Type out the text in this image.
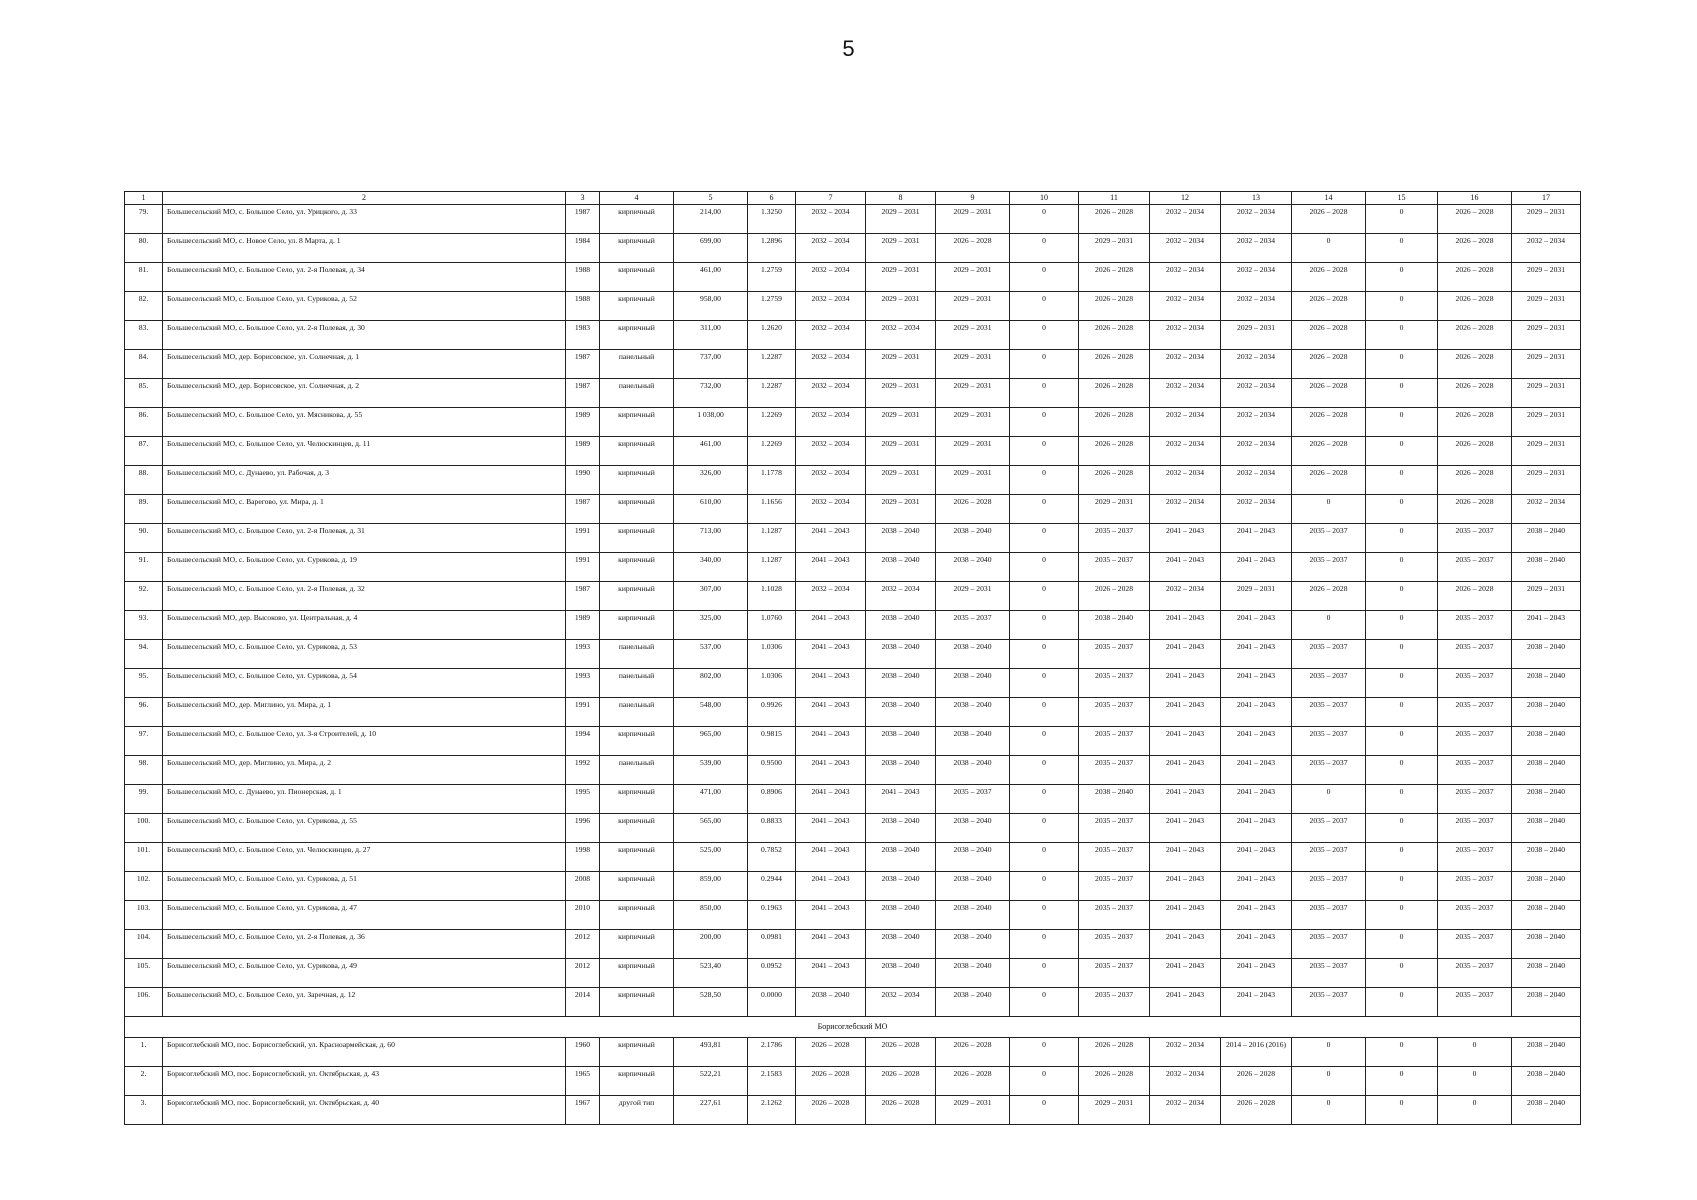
5
1	2	3	4	5	6	7	8	9	10	11	12	13	14	15	16	17
79.	Большесельский МО, с. Большое Село, ул. Урицкого, д. 33	1987	кирпичный	214,00	1.3250	2032 – 2034	2029 – 2031	2029 – 2031	0	2026 – 2028	2032 – 2034	2032 – 2034	2026 – 2028	0	2026 – 2028	2029 – 2031
80.	Большесельский МО, с. Новое Село, ул. 8 Марта, д. 1	1984	кирпичный	699,00	1.2896	2032 – 2034	2029 – 2031	2026 – 2028	0	2029 – 2031	2032 – 2034	2032 – 2034	0	0	2026 – 2028	2032 – 2034
81.	Большесельский МО, с. Большое Село, ул. 2-я Полевая, д. 34	1988	кирпичный	461,00	1.2759	2032 – 2034	2029 – 2031	2029 – 2031	0	2026 – 2028	2032 – 2034	2032 – 2034	2026 – 2028	0	2026 – 2028	2029 – 2031
82.	Большесельский МО, с. Большое Село, ул. Сурикова, д. 52	1988	кирпичный	958,00	1.2759	2032 – 2034	2029 – 2031	2029 – 2031	0	2026 – 2028	2032 – 2034	2032 – 2034	2026 – 2028	0	2026 – 2028	2029 – 2031
83.	Большесельский МО, с. Большое Село, ул. 2-я Полевая, д. 30	1983	кирпичный	311,00	1.2620	2032 – 2034	2032 – 2034	2029 – 2031	0	2026 – 2028	2032 – 2034	2029 – 2031	2026 – 2028	0	2026 – 2028	2029 – 2031
84.	Большесельский МО, дер. Борисовское, ул. Солнечная, д. 1	1987	панельный	737,00	1.2287	2032 – 2034	2029 – 2031	2029 – 2031	0	2026 – 2028	2032 – 2034	2032 – 2034	2026 – 2028	0	2026 – 2028	2029 – 2031
85.	Большесельский МО, дер. Борисовское, ул. Солнечная, д. 2	1987	панельный	732,00	1.2287	2032 – 2034	2029 – 2031	2029 – 2031	0	2026 – 2028	2032 – 2034	2032 – 2034	2026 – 2028	0	2026 – 2028	2029 – 2031
86.	Большесельский МО, с. Большое Село, ул. Мясникова, д. 55	1989	кирпичный	1 038,00	1.2269	2032 – 2034	2029 – 2031	2029 – 2031	0	2026 – 2028	2032 – 2034	2032 – 2034	2026 – 2028	0	2026 – 2028	2029 – 2031
87.	Большесельский МО, с. Большое Село, ул. Челюскинцев, д. 11	1989	кирпичный	461,00	1.2269	2032 – 2034	2029 – 2031	2029 – 2031	0	2026 – 2028	2032 – 2034	2032 – 2034	2026 – 2028	0	2026 – 2028	2029 – 2031
88.	Большесельский МО, с. Дунаево, ул. Рабочая, д. 3	1990	кирпичный	326,00	1.1778	2032 – 2034	2029 – 2031	2029 – 2031	0	2026 – 2028	2032 – 2034	2032 – 2034	2026 – 2028	0	2026 – 2028	2029 – 2031
89.	Большесельский МО, с. Варегово, ул. Мира, д. 1	1987	кирпичный	610,00	1.1656	2032 – 2034	2029 – 2031	2026 – 2028	0	2029 – 2031	2032 – 2034	2032 – 2034	0	0	2026 – 2028	2032 – 2034
90.	Большесельский МО, с. Большое Село, ул. 2-я Полевая, д. 31	1991	кирпичный	713,00	1.1287	2041 – 2043	2038 – 2040	2038 – 2040	0	2035 – 2037	2041 – 2043	2041 – 2043	2035 – 2037	0	2035 – 2037	2038 – 2040
91.	Большесельский МО, с. Большое Село, ул. Сурикова, д. 19	1991	кирпичный	340,00	1.1287	2041 – 2043	2038 – 2040	2038 – 2040	0	2035 – 2037	2041 – 2043	2041 – 2043	2035 – 2037	0	2035 – 2037	2038 – 2040
92.	Большесельский МО, с. Большое Село, ул. 2-я Полевая, д. 32	1987	кирпичный	307,00	1.1028	2032 – 2034	2032 – 2034	2029 – 2031	0	2026 – 2028	2032 – 2034	2029 – 2031	2026 – 2028	0	2026 – 2028	2029 – 2031
93.	Большесельский МО, дер. Высоково, ул. Центральная, д. 4	1989	кирпичный	325,00	1.0760	2041 – 2043	2038 – 2040	2035 – 2037	0	2038 – 2040	2041 – 2043	2041 – 2043	0	0	2035 – 2037	2041 – 2043
94.	Большесельский МО, с. Большое Село, ул. Сурикова, д. 53	1993	панельный	537,00	1.0306	2041 – 2043	2038 – 2040	2038 – 2040	0	2035 – 2037	2041 – 2043	2041 – 2043	2035 – 2037	0	2035 – 2037	2038 – 2040
95.	Большесельский МО, с. Большое Село, ул. Сурикова, д. 54	1993	панельный	802,00	1.0306	2041 – 2043	2038 – 2040	2038 – 2040	0	2035 – 2037	2041 – 2043	2041 – 2043	2035 – 2037	0	2035 – 2037	2038 – 2040
96.	Большесельский МО, дер. Миглино, ул. Мира, д. 1	1991	панельный	548,00	0.9926	2041 – 2043	2038 – 2040	2038 – 2040	0	2035 – 2037	2041 – 2043	2041 – 2043	2035 – 2037	0	2035 – 2037	2038 – 2040
97.	Большесельский МО, с. Большое Село, ул. 3-я Строителей, д. 10	1994	кирпичный	965,00	0.9815	2041 – 2043	2038 – 2040	2038 – 2040	0	2035 – 2037	2041 – 2043	2041 – 2043	2035 – 2037	0	2035 – 2037	2038 – 2040
98.	Большесельский МО, дер. Миглино, ул. Мира, д. 2	1992	панельный	539,00	0.9500	2041 – 2043	2038 – 2040	2038 – 2040	0	2035 – 2037	2041 – 2043	2041 – 2043	2035 – 2037	0	2035 – 2037	2038 – 2040
99.	Большесельский МО, с. Дунаево, ул. Пионерская, д. 1	1995	кирпичный	471,00	0.8906	2041 – 2043	2041 – 2043	2035 – 2037	0	2038 – 2040	2041 – 2043	2041 – 2043	0	0	2035 – 2037	2038 – 2040
100.	Большесельский МО, с. Большое Село, ул. Сурикова, д. 55	1996	кирпичный	565,00	0.8833	2041 – 2043	2038 – 2040	2038 – 2040	0	2035 – 2037	2041 – 2043	2041 – 2043	2035 – 2037	0	2035 – 2037	2038 – 2040
101.	Большесельский МО, с. Большое Село, ул. Челюскинцев, д. 27	1998	кирпичный	525,00	0.7852	2041 – 2043	2038 – 2040	2038 – 2040	0	2035 – 2037	2041 – 2043	2041 – 2043	2035 – 2037	0	2035 – 2037	2038 – 2040
102.	Большесельский МО, с. Большое Село, ул. Сурикова, д. 51	2008	кирпичный	859,00	0.2944	2041 – 2043	2038 – 2040	2038 – 2040	0	2035 – 2037	2041 – 2043	2041 – 2043	2035 – 2037	0	2035 – 2037	2038 – 2040
103.	Большесельский МО, с. Большое Село, ул. Сурикова, д. 47	2010	кирпичный	850,00	0.1963	2041 – 2043	2038 – 2040	2038 – 2040	0	2035 – 2037	2041 – 2043	2041 – 2043	2035 – 2037	0	2035 – 2037	2038 – 2040
104.	Большесельский МО, с. Большое Село, ул. 2-я Полевая, д. 36	2012	кирпичный	200,00	0.0981	2041 – 2043	2038 – 2040	2038 – 2040	0	2035 – 2037	2041 – 2043	2041 – 2043	2035 – 2037	0	2035 – 2037	2038 – 2040
105.	Большесельский МО, с. Большое Село, ул. Сурикова, д. 49	2012	кирпичный	523,40	0.0952	2041 – 2043	2038 – 2040	2038 – 2040	0	2035 – 2037	2041 – 2043	2041 – 2043	2035 – 2037	0	2035 – 2037	2038 – 2040
106.	Большесельский МО, с. Большое Село, ул. Заречная, д. 12	2014	кирпичный	528,50	0.0000	2038 – 2040	2032 – 2034	2038 – 2040	0	2035 – 2037	2041 – 2043	2041 – 2043	2035 – 2037	0	2035 – 2037	2038 – 2040
Борисоглебский МО																
1.	Борисоглебский МО, пос. Борисоглебский, ул. Красноармейская, д. 60	1960	кирпичный	493,81	2.1786	2026 – 2028	2026 – 2028	2026 – 2028	0	2026 – 2028	2032 – 2034	2014 – 2016 (2016)	0	0	0	2038 – 2040
2.	Борисоглебский МО, пос. Борисоглебский, ул. Октябрьская, д. 43	1965	кирпичный	522,21	2.1583	2026 – 2028	2026 – 2028	2026 – 2028	0	2026 – 2028	2032 – 2034	2026 – 2028	0	0	0	2038 – 2040
3.	Борисоглебский МО, пос. Борисоглебский, ул. Октябрьская, д. 40	1967	другой тип	227,61	2.1262	2026 – 2028	2026 – 2028	2029 – 2031	0	2029 – 2031	2032 – 2034	2026 – 2028	0	0	0	2038 – 2040
